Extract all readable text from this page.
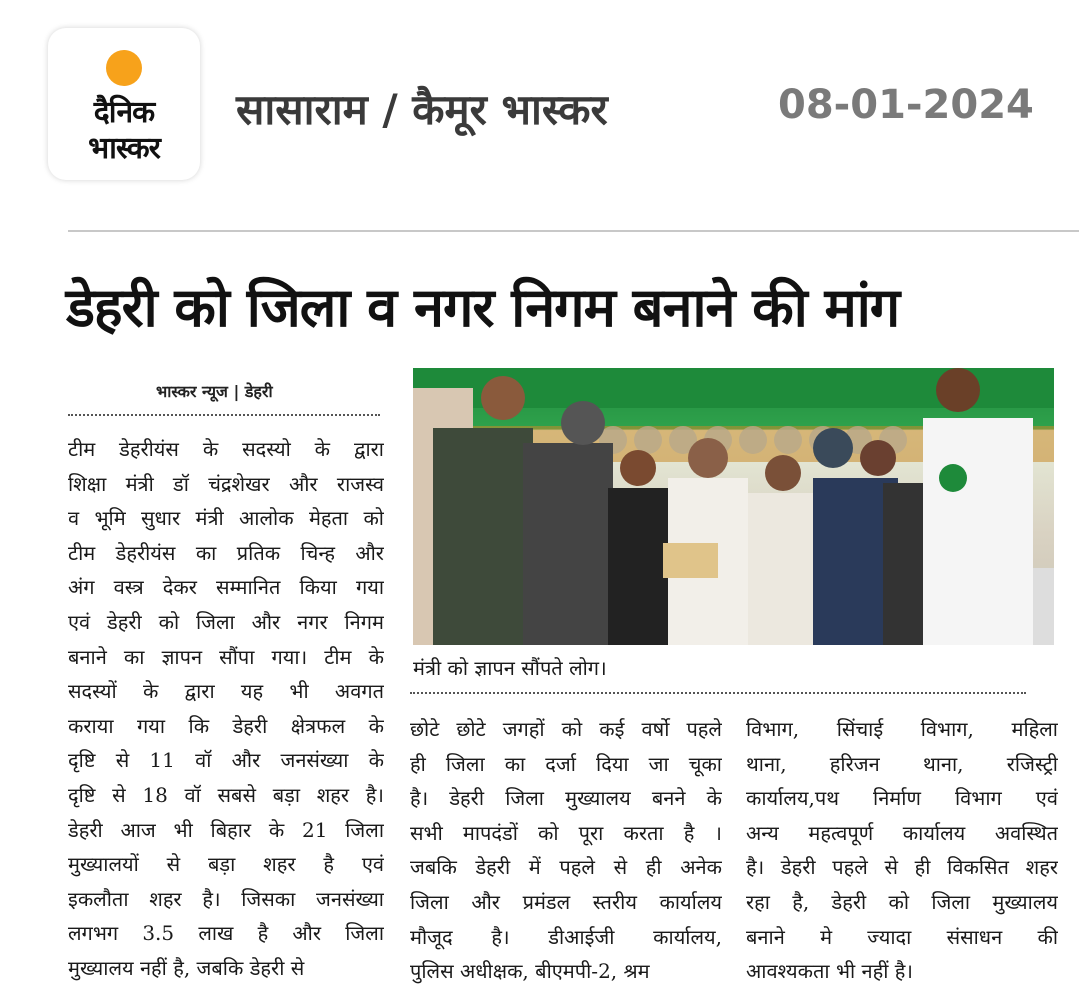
दैनिक
भास्कर
सासाराम / कैमूर भास्कर	08-01-2024
डेहरी को जिला व नगर निगम बनाने की मांग
भास्कर न्यूज | डेहरी
टीम डेहरीयंस के सदस्यो के द्वारा
शिक्षा मंत्री डॉ चंद्रशेखर और राजस्व
व भूमि सुधार मंत्री आलोक मेहता को
टीम डेहरीयंस का प्रतिक चिन्ह और
अंग वस्त्र देकर सम्मानित किया गया
एवं डेहरी को जिला और नगर निगम
बनाने का ज्ञापन सौंपा गया। टीम के
सदस्यों के द्वारा यह भी अवगत
कराया गया कि डेहरी क्षेत्रफल के
दृष्टि से 11 वॉ और जनसंख्या के
दृष्टि से 18 वॉ सबसे बड़ा शहर है।
डेहरी आज भी बिहार के 21 जिला
मुख्यालयों से बड़ा शहर है एवं
इकलौता शहर है। जिसका जनसंख्या
लगभग 3.5 लाख है और जिला
मुख्यालय नहीं है, जबकि डेहरी से
मंत्री को ज्ञापन सौंपते लोग।
छोटे छोटे जगहों को कई वर्षो पहले
ही जिला का दर्जा दिया जा चूका
है। डेहरी जिला मुख्यालय बनने के
सभी मापदंडों को पूरा करता है ।
जबकि डेहरी में पहले से ही अनेक
जिला और प्रमंडल स्तरीय कार्यालय
मौजूद है। डीआईजी कार्यालय,
पुलिस अधीक्षक, बीएमपी-2, श्रम
विभाग, सिंचाई विभाग, महिला
थाना, हरिजन थाना, रजिस्ट्री
कार्यालय,पथ निर्माण विभाग एवं
अन्य महत्वपूर्ण कार्यालय अवस्थित
है। डेहरी पहले से ही विकसित शहर
रहा है, डेहरी को जिला मुख्यालय
बनाने मे ज्यादा संसाधन की
आवश्यकता भी नहीं है।
